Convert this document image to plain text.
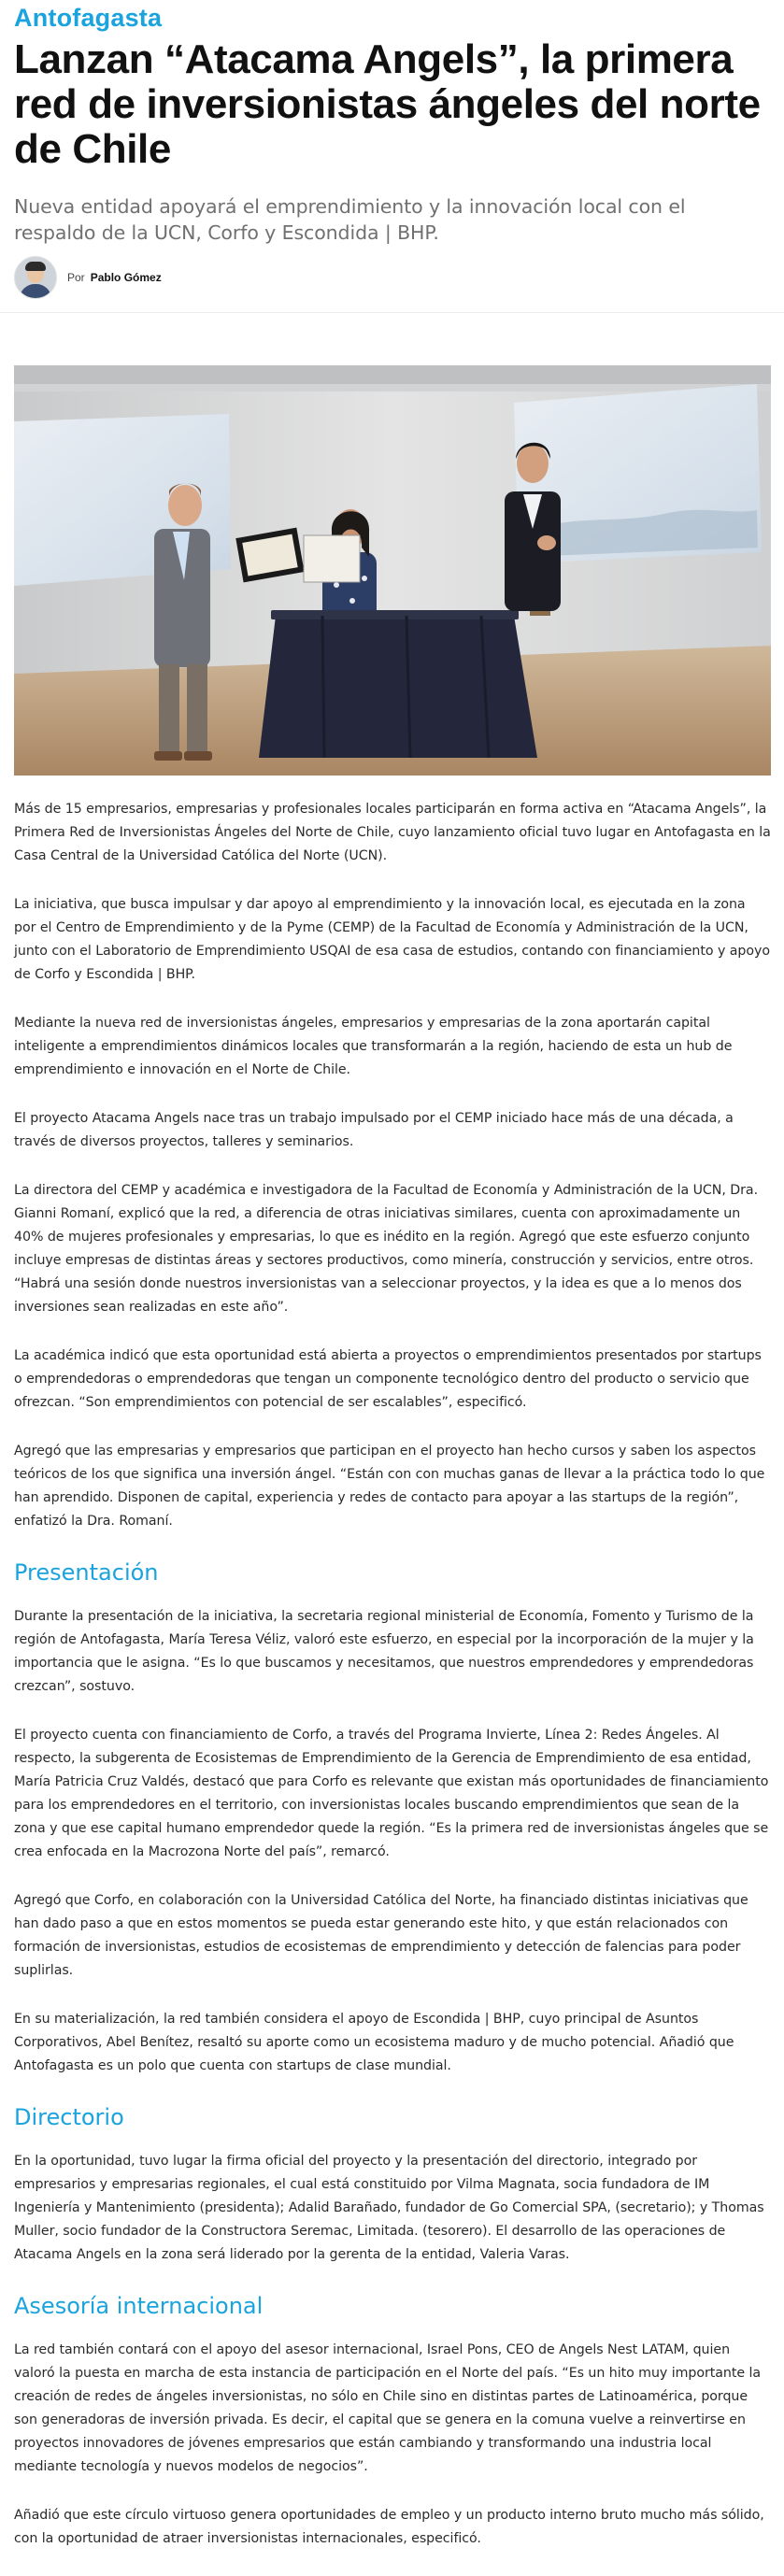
Antofagasta
Lanzan “Atacama Angels”, la primera red de inversionistas ángeles del norte de Chile

Nueva entidad apoyará el emprendimiento y la innovación local con el respaldo de la UCN, Corfo y Escondida | BHP.

Por Pablo Gómez

Más de 15 empresarios, empresarias y profesionales locales participarán en forma activa en “Atacama Angels”, la Primera Red de Inversionistas Ángeles del Norte de Chile, cuyo lanzamiento oficial tuvo lugar en Antofagasta en la Casa Central de la Universidad Católica del Norte (UCN).

La iniciativa, que busca impulsar y dar apoyo al emprendimiento y la innovación local, es ejecutada en la zona por el Centro de Emprendimiento y de la Pyme (CEMP) de la Facultad de Economía y Administración de la UCN, junto con el Laboratorio de Emprendimiento USQAI de esa casa de estudios, contando con financiamiento y apoyo de Corfo y Escondida | BHP.

Mediante la nueva red de inversionistas ángeles, empresarios y empresarias de la zona aportarán capital inteligente a emprendimientos dinámicos locales que transformarán a la región, haciendo de esta un hub de emprendimiento e innovación en el Norte de Chile.

El proyecto Atacama Angels nace tras un trabajo impulsado por el CEMP iniciado hace más de una década, a través de diversos proyectos, talleres y seminarios.

La directora del CEMP y académica e investigadora de la Facultad de Economía y Administración de la UCN, Dra. Gianni Romaní, explicó que la red, a diferencia de otras iniciativas similares, cuenta con aproximadamente un 40% de mujeres profesionales y empresarias, lo que es inédito en la región. Agregó que este esfuerzo conjunto incluye empresas de distintas áreas y sectores productivos, como minería, construcción y servicios, entre otros. “Habrá una sesión donde nuestros inversionistas van a seleccionar proyectos, y la idea es que a lo menos dos inversiones sean realizadas en este año”.

La académica indicó que esta oportunidad está abierta a proyectos o emprendimientos presentados por startups o emprendedoras o emprendedoras que tengan un componente tecnológico dentro del producto o servicio que ofrezcan. “Son emprendimientos con potencial de ser escalables”, especificó.

Agregó que las empresarias y empresarios que participan en el proyecto han hecho cursos y saben los aspectos teóricos de los que significa una inversión ángel. “Están con con muchas ganas de llevar a la práctica todo lo que han aprendido. Disponen de capital, experiencia y redes de contacto para apoyar a las startups de la región”, enfatizó la Dra. Romaní.

Presentación

Durante la presentación de la iniciativa, la secretaria regional ministerial de Economía, Fomento y Turismo de la región de Antofagasta, María Teresa Véliz, valoró este esfuerzo, en especial por la incorporación de la mujer y la importancia que le asigna. “Es lo que buscamos y necesitamos, que nuestros emprendedores y emprendedoras crezcan”, sostuvo.

El proyecto cuenta con financiamiento de Corfo, a través del Programa Invierte, Línea 2: Redes Ángeles. Al respecto, la subgerenta de Ecosistemas de Emprendimiento de la Gerencia de Emprendimiento de esa entidad, María Patricia Cruz Valdés, destacó que para Corfo es relevante que existan más oportunidades de financiamiento para los emprendedores en el territorio, con inversionistas locales buscando emprendimientos que sean de la zona y que ese capital humano emprendedor quede la región. “Es la primera red de inversionistas ángeles que se crea enfocada en la Macrozona Norte del país”, remarcó.

Agregó que Corfo, en colaboración con la Universidad Católica del Norte, ha financiado distintas iniciativas que han dado paso a que en estos momentos se pueda estar generando este hito, y que están relacionados con formación de inversionistas, estudios de ecosistemas de emprendimiento y detección de falencias para poder suplirlas.

En su materialización, la red también considera el apoyo de Escondida | BHP, cuyo principal de Asuntos Corporativos, Abel Benítez, resaltó su aporte como un ecosistema maduro y de mucho potencial. Añadió que Antofagasta es un polo que cuenta con startups de clase mundial.

Directorio

En la oportunidad, tuvo lugar la firma oficial del proyecto y la presentación del directorio, integrado por empresarios y empresarias regionales, el cual está constituido por Vilma Magnata, socia fundadora de IM Ingeniería y Mantenimiento (presidenta); Adalid Barañado, fundador de Go Comercial SPA, (secretario); y Thomas Muller, socio fundador de la Constructora Seremac, Limitada. (tesorero). El desarrollo de las operaciones de Atacama Angels en la zona será liderado por la gerenta de la entidad, Valeria Varas.

Asesoría internacional

La red también contará con el apoyo del asesor internacional, Israel Pons, CEO de Angels Nest LATAM, quien valoró la puesta en marcha de esta instancia de participación en el Norte del país. “Es un hito muy importante la creación de redes de ángeles inversionistas, no sólo en Chile sino en distintas partes de Latinoamérica, porque son generadoras de inversión privada. Es decir, el capital que se genera en la comuna vuelve a reinvertirse en proyectos innovadores de jóvenes empresarios que están cambiando y transformando una industria local mediante tecnología y nuevos modelos de negocios”.

Añadió que este círculo virtuoso genera oportunidades de empleo y un producto interno bruto mucho más sólido, con la oportunidad de atraer inversionistas internacionales, especificó.
